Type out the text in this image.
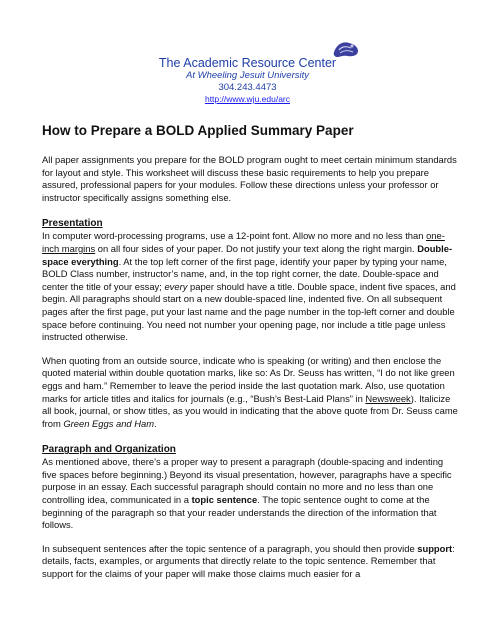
The Academic Resource Center
At Wheeling Jesuit University
304.243.4473
http://www.wju.edu/arc
How to Prepare a BOLD Applied Summary Paper

All paper assignments you prepare for the BOLD program ought to meet certain minimum standards for layout and style. This worksheet will discuss these basic requirements to help you prepare assured, professional papers for your modules. Follow these directions unless your professor or instructor specifically assigns something else.

Presentation

In computer word-processing programs, use a 12-point font. Allow no more and no less than one-inch margins on all four sides of your paper. Do not justify your text along the right margin. Double-space everything. At the top left corner of the first page, identify your paper by typing your name, BOLD Class number, instructor’s name, and, in the top right corner, the date. Double-space and center the title of your essay; every paper should have a title. Double space, indent five spaces, and begin. All paragraphs should start on a new double-spaced line, indented five. On all subsequent pages after the first page, put your last name and the page number in the top-left corner and double space before continuing. You need not number your opening page, nor include a title page unless instructed otherwise.

When quoting from an outside source, indicate who is speaking (or writing) and then enclose the quoted material within double quotation marks, like so: As Dr. Seuss has written, “I do not like green eggs and ham.” Remember to leave the period inside the last quotation mark. Also, use quotation marks for article titles and italics for journals (e.g., “Bush’s Best-Laid Plans” in Newsweek). Italicize all book, journal, or show titles, as you would in indicating that the above quote from Dr. Seuss came from Green Eggs and Ham.

Paragraph and Organization

As mentioned above, there’s a proper way to present a paragraph (double-spacing and indenting five spaces before beginning.) Beyond its visual presentation, however, paragraphs have a specific purpose in an essay. Each successful paragraph should contain no more and no less than one controlling idea, communicated in a topic sentence. The topic sentence ought to come at the beginning of the paragraph so that your reader understands the direction of the information that follows.

In subsequent sentences after the topic sentence of a paragraph, you should then provide support: details, facts, examples, or arguments that directly relate to the topic sentence. Remember that support for the claims of your paper will make those claims much easier for a
